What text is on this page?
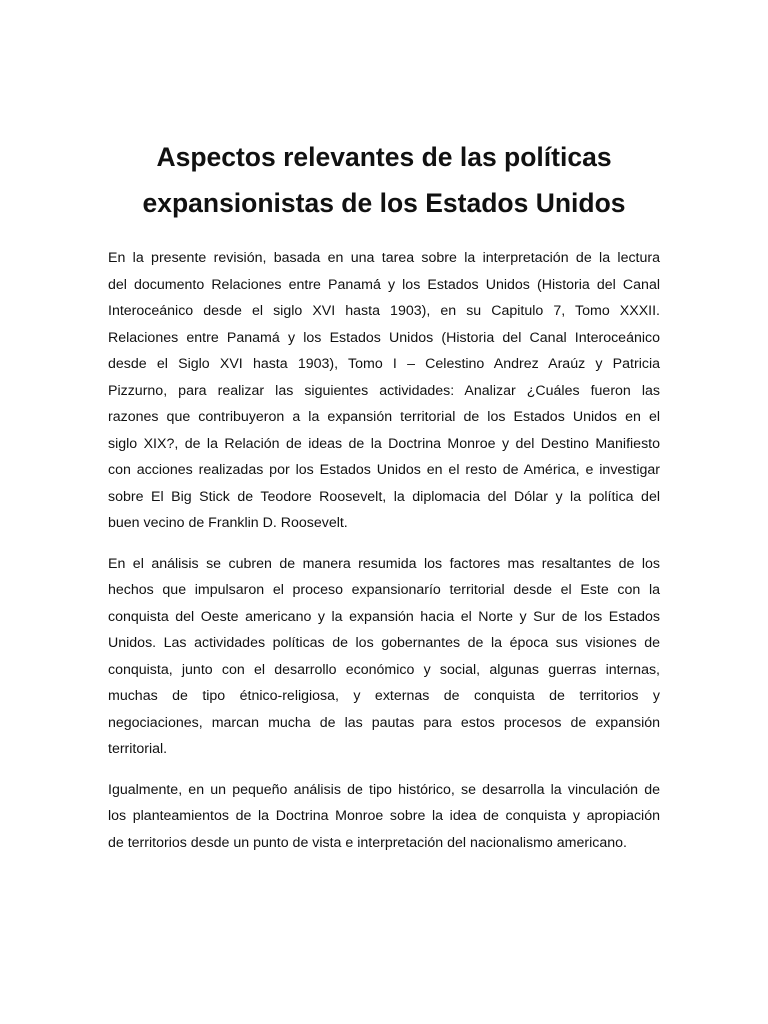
Aspectos relevantes de las políticas
expansionistas de los Estados Unidos

En la presente revisión, basada en una tarea sobre la interpretación de la lectura
del documento Relaciones entre Panamá́ y los Estados Unidos (Historia del Canal
Interoceánico desde el siglo XVI hasta 1903), en su Capitulo 7, Tomo XXXII.
Relaciones entre Panamá y los Estados Unidos (Historia del Canal Interoceánico
desde el Siglo XVI hasta 1903), Tomo I – Celestino Andrez Araúz y Patricia
Pizzurno, para realizar las siguientes actividades: Analizar ¿Cuáles fueron las
razones que contribuyeron a la expansión territorial de los Estados Unidos en el
siglo XIX?, de la Relación de ideas de la Doctrina Monroe y del Destino Manifiesto
con acciones realizadas por los Estados Unidos en el resto de América, e investigar
sobre El Big Stick de Teodore Roosevelt, la diplomacia del Dólar y la política del
buen vecino de Franklin D. Roosevelt.

En el análisis se cubren de manera resumida los factores mas resaltantes de los
hechos que impulsaron el proceso expansionarío territorial desde el Este con la
conquista del Oeste americano y la expansión hacia el Norte y Sur de los Estados
Unidos. Las actividades políticas de los gobernantes de la época sus visiones de
conquista, junto con el desarrollo económico y social, algunas guerras internas,
muchas de tipo étnico-religiosa, y externas de conquista de territorios y
negociaciones, marcan mucha de las pautas para estos procesos de expansión
territorial.

Igualmente, en un pequeño análisis de tipo histórico, se desarrolla la vinculación de
los planteamientos de la Doctrina Monroe sobre la idea de conquista y apropiación
de territorios desde un punto de vista e interpretación del nacionalismo americano.
